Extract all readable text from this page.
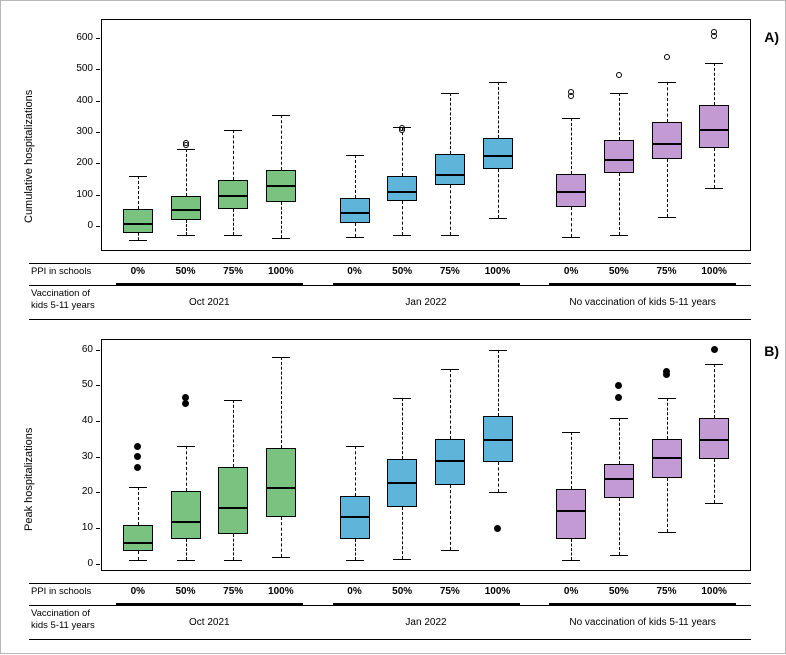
A)
Cumulative hospitalizations
0
100
200
300
400
500
600
PPI in schools
Vaccination of
kids 5-11 years
0%	50%	75%	100%	0%	50%	75%	100%	0%	50%	75%	100%
Oct 2021	Jan 2022	No vaccination of kids 5-11 years
B)
Peak hospitalizations
0
10
20
30
40
50
60
PPI in schools
Vaccination of
kids 5-11 years
0%	50%	75%	100%	0%	50%	75%	100%	0%	50%	75%	100%
Oct 2021	Jan 2022	No vaccination of kids 5-11 years
